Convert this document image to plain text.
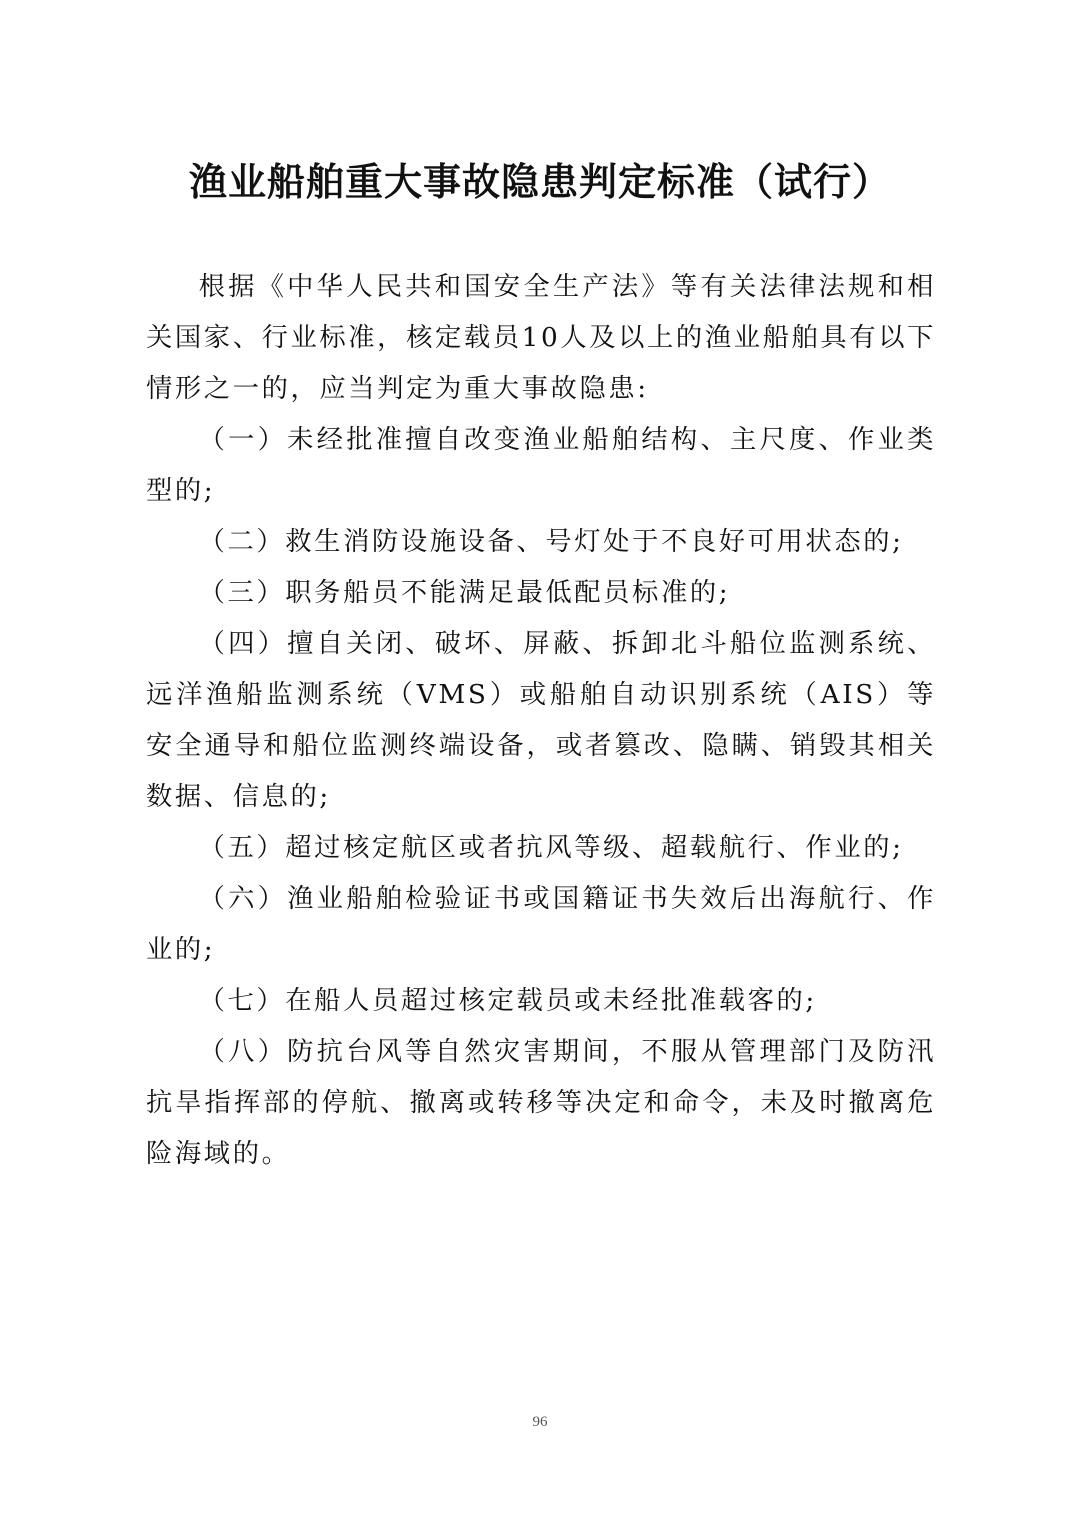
渔业船舶重大事故隐患判定标准（试行）

根据《中华人民共和国安全生产法》等有关法律法规和相关国家、行业标准，核定载员10人及以上的渔业船舶具有以下情形之一的，应当判定为重大事故隐患:

（一）未经批准擅自改变渔业船舶结构、主尺度、作业类型的;

（二）救生消防设施设备、号灯处于不良好可用状态的;

（三）职务船员不能满足最低配员标准的;

（四）擅自关闭、破坏、屏蔽、拆卸北斗船位监测系统、远洋渔船监测系统（VMS）或船舶自动识别系统（AIS）等安全通导和船位监测终端设备，或者篡改、隐瞒、销毁其相关数据、信息的;

（五）超过核定航区或者抗风等级、超载航行、作业的;

（六）渔业船舶检验证书或国籍证书失效后出海航行、作业的;

（七）在船人员超过核定载员或未经批准载客的;

（八）防抗台风等自然灾害期间，不服从管理部门及防汛抗旱指挥部的停航、撤离或转移等决定和命令，未及时撤离危险海域的。

96
